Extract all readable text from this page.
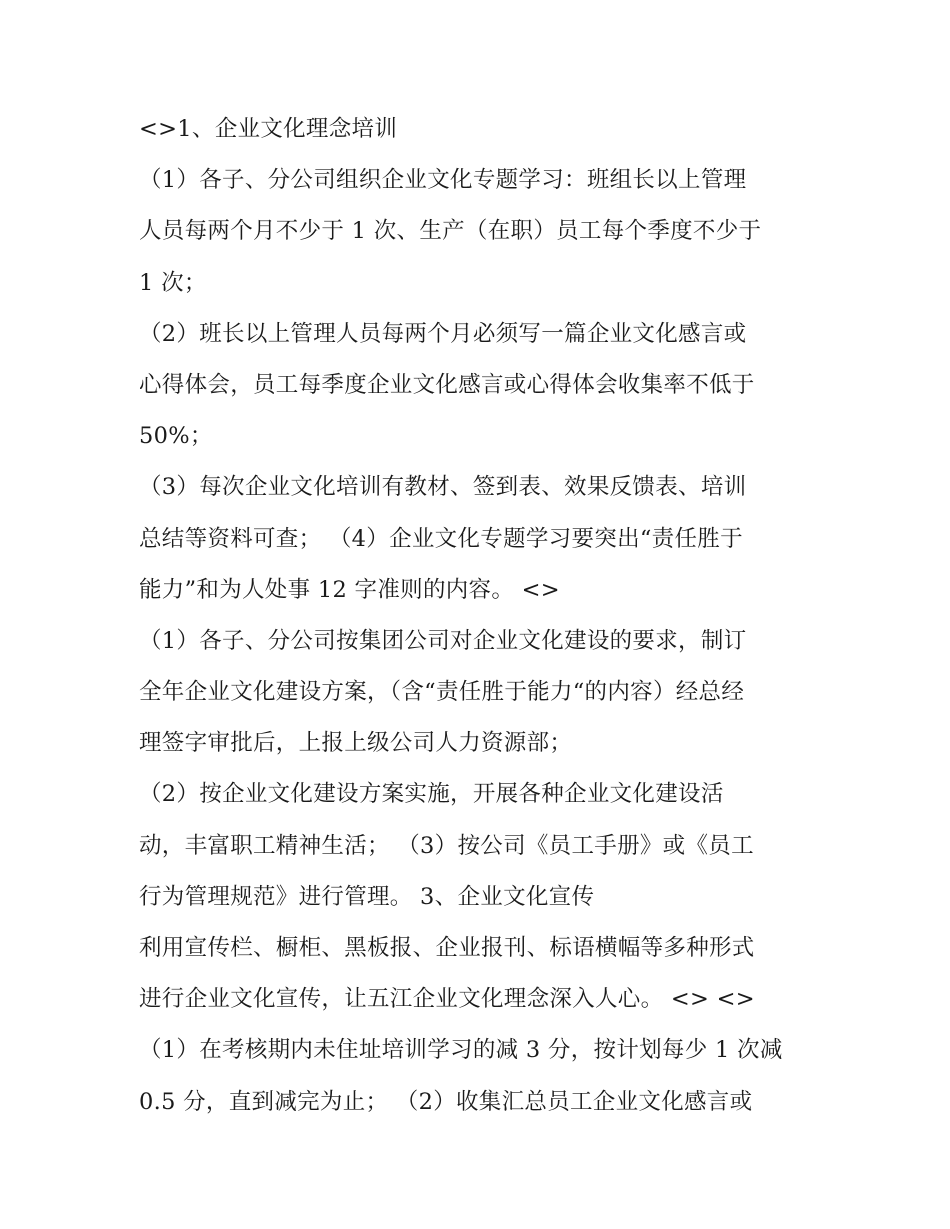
<>1、企业文化理念培训
（1）各子、分公司组织企业文化专题学习：班组长以上管理
人员每两个月不少于 1 次、生产（在职）员工每个季度不少于
1 次；
（2）班长以上管理人员每两个月必须写一篇企业文化感言或
心得体会，员工每季度企业文化感言或心得体会收集率不低于
50%；
（3）每次企业文化培训有教材、签到表、效果反馈表、培训
总结等资料可查； （4）企业文化专题学习要突出“责任胜于
能力”和为人处事 12 字准则的内容。 <>
（1）各子、分公司按集团公司对企业文化建设的要求，制订
全年企业文化建设方案，（含“责任胜于能力“的内容）经总经
理签字审批后，上报上级公司人力资源部；
（2）按企业文化建设方案实施，开展各种企业文化建设活
动，丰富职工精神生活； （3）按公司《员工手册》或《员工
行为管理规范》进行管理。 3、企业文化宣传
利用宣传栏、橱柜、黑板报、企业报刊、标语横幅等多种形式
进行企业文化宣传，让五江企业文化理念深入人心。 <> <>
（1）在考核期内未住址培训学习的减 3 分，按计划每少 1 次减
0.5 分，直到减完为止； （2）收集汇总员工企业文化感言或
